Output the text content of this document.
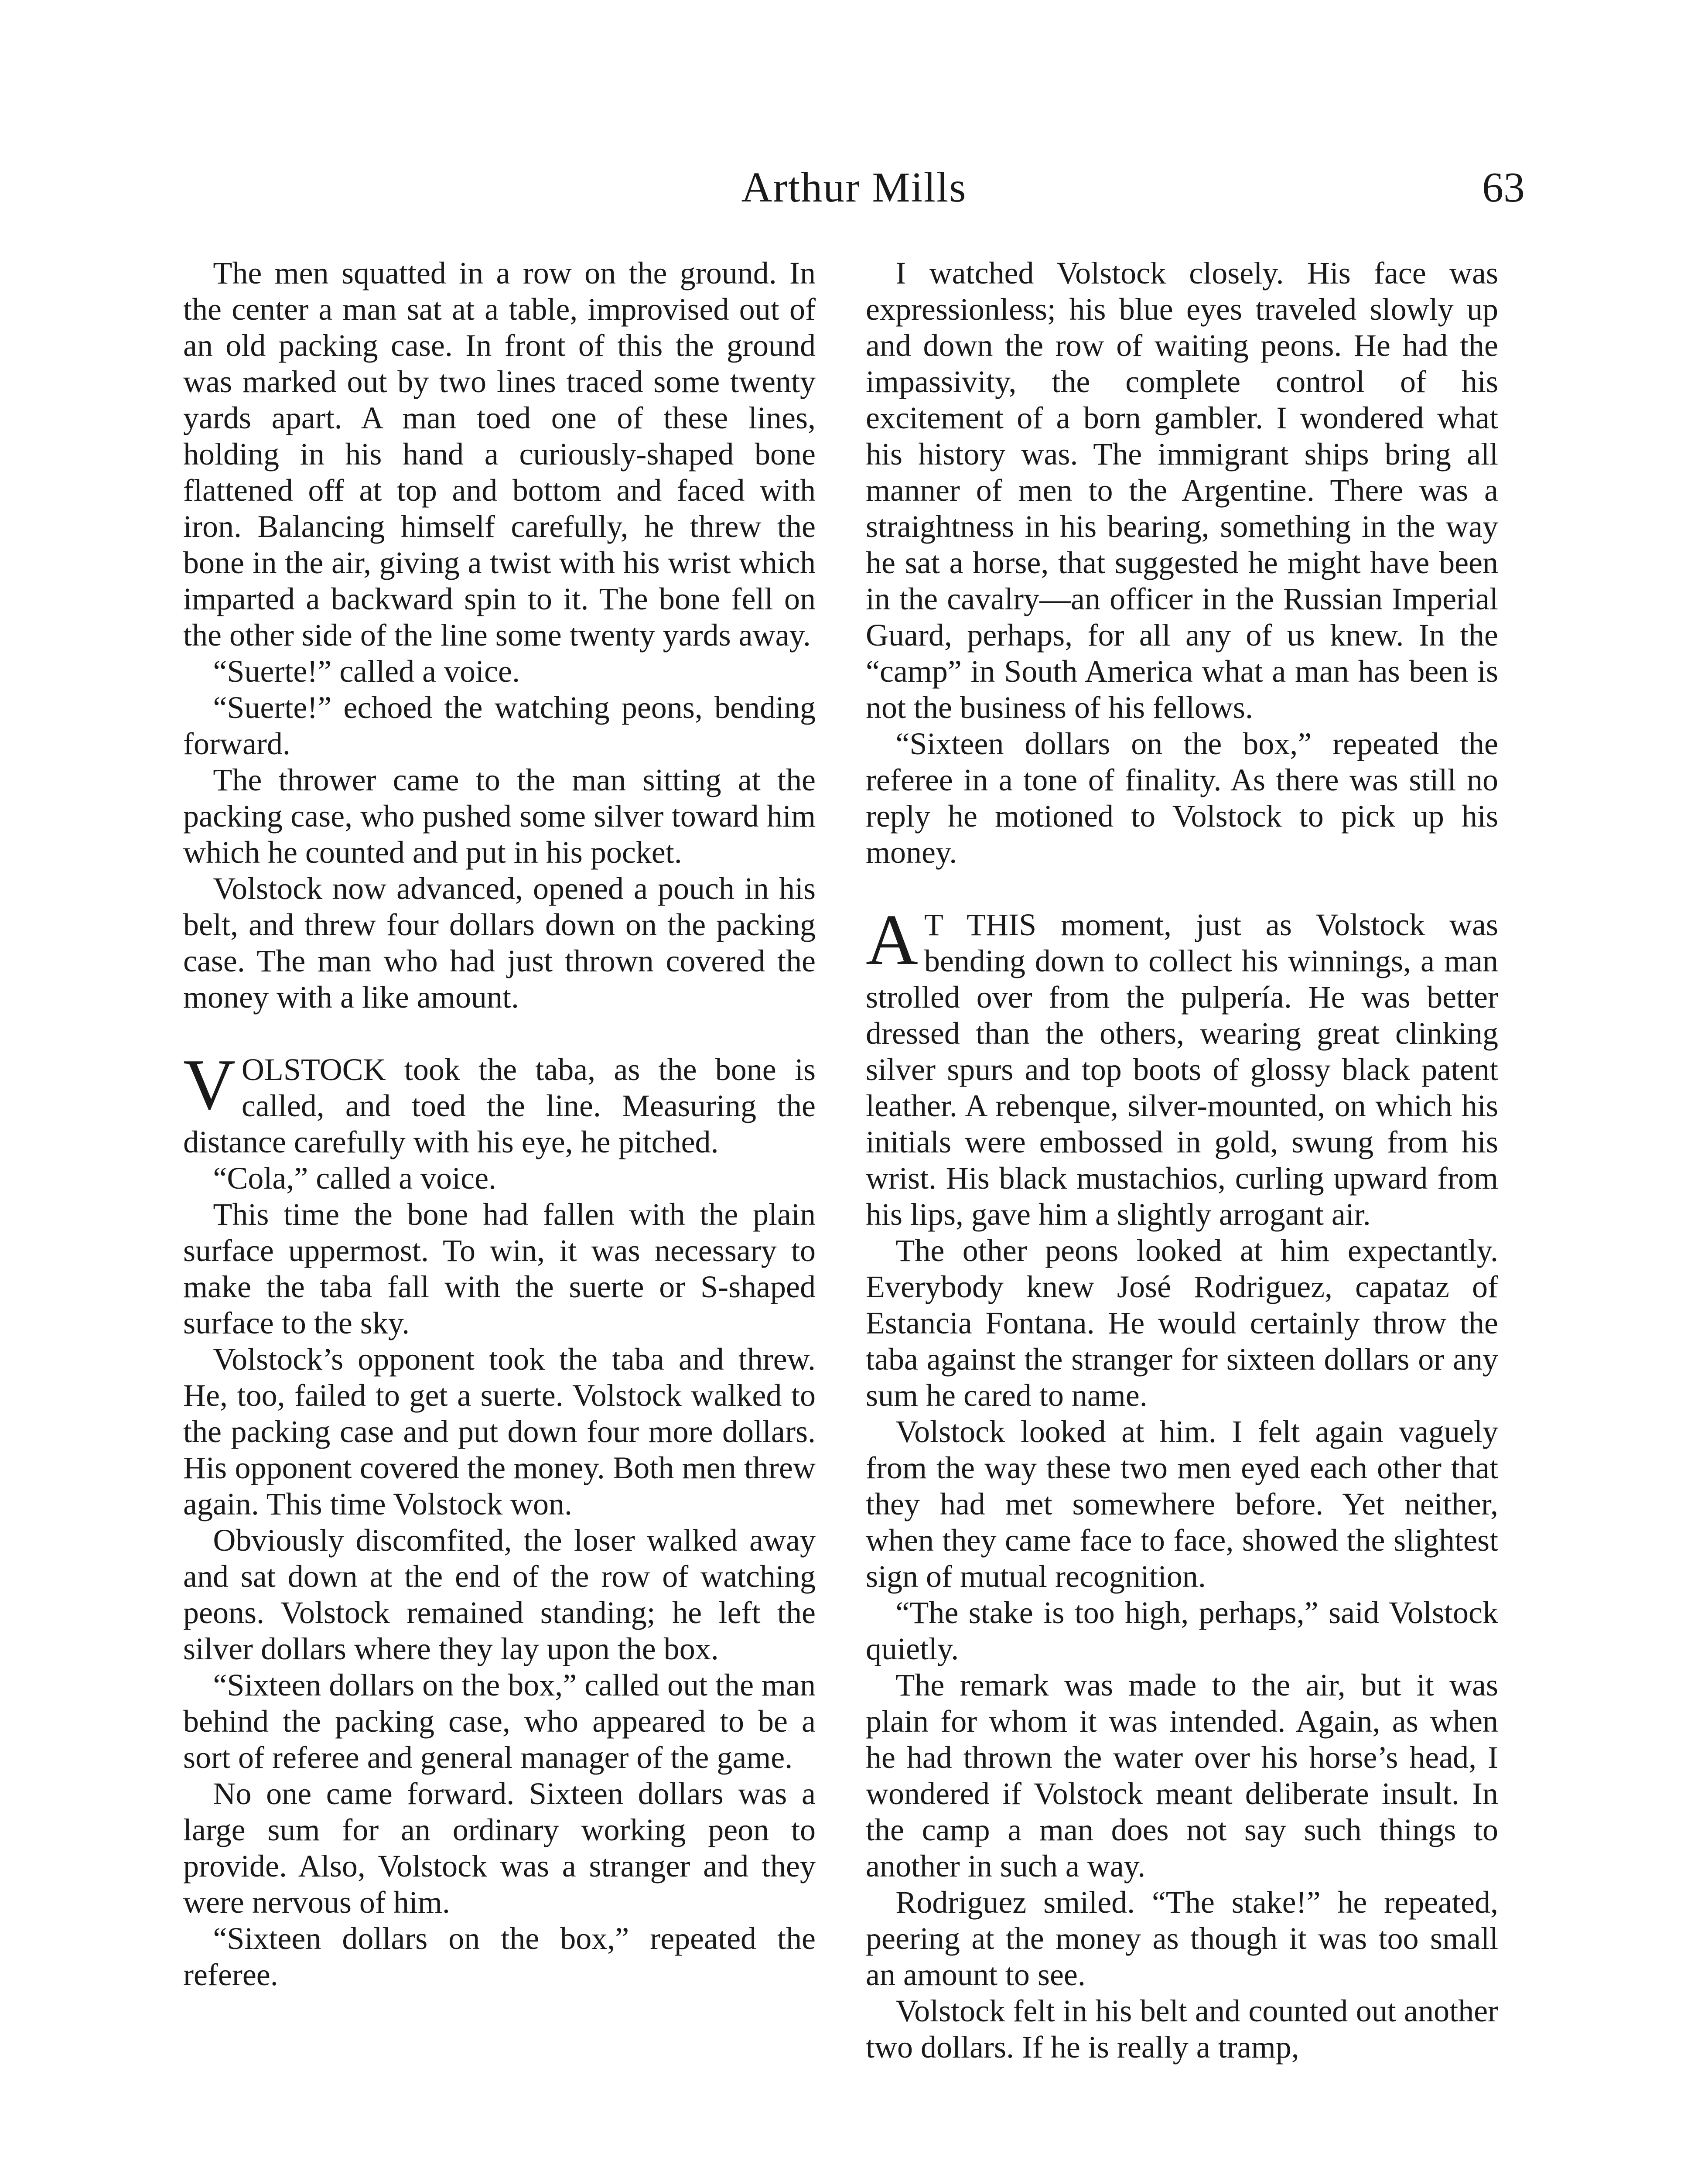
Arthur Mills	63

The men squatted in a row on the ground. In the center a man sat at a table, improvised out of an old packing case. In front of this the ground was marked out by two lines traced some twenty yards apart. A man toed one of these lines, holding in his hand a curiously-shaped bone flattened off at top and bottom and faced with iron. Balancing himself carefully, he threw the bone in the air, giving a twist with his wrist which imparted a backward spin to it. The bone fell on the other side of the line some twenty yards away.

“Suerte!” called a voice.

“Suerte!” echoed the watching peons, bending forward.

The thrower came to the man sitting at the packing case, who pushed some silver toward him which he counted and put in his pocket.

Volstock now advanced, opened a pouch in his belt, and threw four dollars down on the packing case. The man who had just thrown covered the money with a like amount.

VOLSTOCK took the taba, as the bone is called, and toed the line. Measuring the distance carefully with his eye, he pitched.

“Cola,” called a voice.

This time the bone had fallen with the plain surface uppermost. To win, it was necessary to make the taba fall with the suerte or S-shaped surface to the sky.

Volstock’s opponent took the taba and threw. He, too, failed to get a suerte. Volstock walked to the packing case and put down four more dollars. His opponent covered the money. Both men threw again. This time Volstock won.

Obviously discomfited, the loser walked away and sat down at the end of the row of watching peons. Volstock remained standing; he left the silver dollars where they lay upon the box.

“Sixteen dollars on the box,” called out the man behind the packing case, who appeared to be a sort of referee and general manager of the game.

No one came forward. Sixteen dollars was a large sum for an ordinary working peon to provide. Also, Volstock was a stranger and they were nervous of him.

“Sixteen dollars on the box,” repeated the referee.

I watched Volstock closely. His face was expressionless; his blue eyes traveled slowly up and down the row of waiting peons. He had the impassivity, the complete control of his excitement of a born gambler. I wondered what his history was. The immigrant ships bring all manner of men to the Argentine. There was a straightness in his bearing, something in the way he sat a horse, that suggested he might have been in the cavalry—an officer in the Russian Imperial Guard, perhaps, for all any of us knew. In the “camp” in South America what a man has been is not the business of his fellows.

“Sixteen dollars on the box,” repeated the referee in a tone of finality. As there was still no reply he motioned to Volstock to pick up his money.

A T THIS moment, just as Volstock was bending down to collect his winnings, a man strolled over from the pulpería. He was better dressed than the others, wearing great clinking silver spurs and top boots of glossy black patent leather. A rebenque, silver-mounted, on which his initials were embossed in gold, swung from his wrist. His black mustachios, curling upward from his lips, gave him a slightly arrogant air.

The other peons looked at him expectantly. Everybody knew José Rodriguez, capataz of Estancia Fontana. He would certainly throw the taba against the stranger for sixteen dollars or any sum he cared to name.

Volstock looked at him. I felt again vaguely from the way these two men eyed each other that they had met somewhere before. Yet neither, when they came face to face, showed the slightest sign of mutual recognition.

“The stake is too high, perhaps,” said Volstock quietly.

The remark was made to the air, but it was plain for whom it was intended. Again, as when he had thrown the water over his horse’s head, I wondered if Volstock meant deliberate insult. In the camp a man does not say such things to another in such a way.

Rodriguez smiled. “The stake!” he repeated, peering at the money as though it was too small an amount to see.

Volstock felt in his belt and counted out another two dollars. If he is really a tramp,
